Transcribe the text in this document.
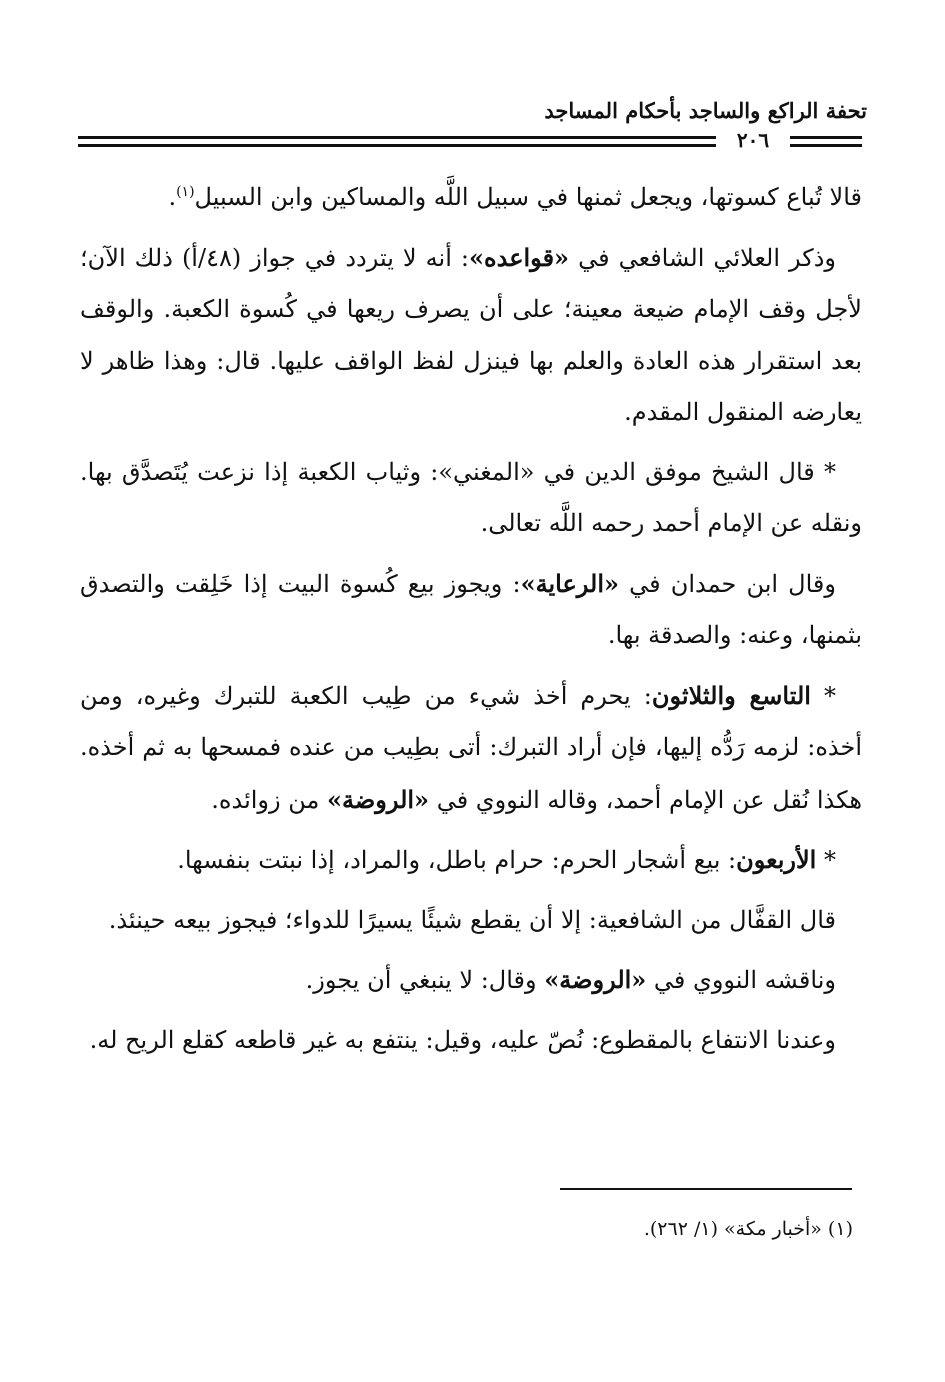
تحفة الراكع والساجد بأحكام المساجد
٢٠٦

قالا تُباع كسوتها، ويجعل ثمنها في سبيل اللَّه والمساكين وابن السبيل$^{(١)}$.

وذكر العلائي الشافعي في «قواعده»: أنه لا يتردد في جواز (٤٨/أ) ذلك الآن؛ لأجل وقف الإمام ضيعة معينة؛ على أن يصرف ريعها في كُسوة الكعبة. والوقف بعد استقرار هذه العادة والعلم بها فينزل لفظ الواقف عليها. قال: وهذا ظاهر لا يعارضه المنقول المقدم.

* قال الشيخ موفق الدين في «المغني»: وثياب الكعبة إذا نزعت يُتَصدَّق بها. ونقله عن الإمام أحمد رحمه اللَّه تعالى.

وقال ابن حمدان في «الرعاية»: ويجوز بيع كُسوة البيت إذا خَلِقت والتصدق بثمنها، وعنه: والصدقة بها.

* التاسع والثلاثون: يحرم أخذ شيء من طِيب الكعبة للتبرك وغيره، ومن أخذه: لزمه رَدُّه إليها، فإن أراد التبرك: أتى بطِيب من عنده فمسحها به ثم أخذه. هكذا نُقل عن الإمام أحمد، وقاله النووي في «الروضة» من زوائده.

* الأربعون: بيع أشجار الحرم: حرام باطل، والمراد، إذا نبتت بنفسها.

قال القفَّال من الشافعية: إلا أن يقطع شيئًا يسيرًا للدواء؛ فيجوز بيعه حينئذ.

وناقشه النووي في «الروضة» وقال: لا ينبغي أن يجوز.

وعندنا الانتفاع بالمقطوع: نُصّ عليه، وقيل: ينتفع به غير قاطعه كقلع الريح له.

(١) «أخبار مكة» (١/ ٢٦٢).
